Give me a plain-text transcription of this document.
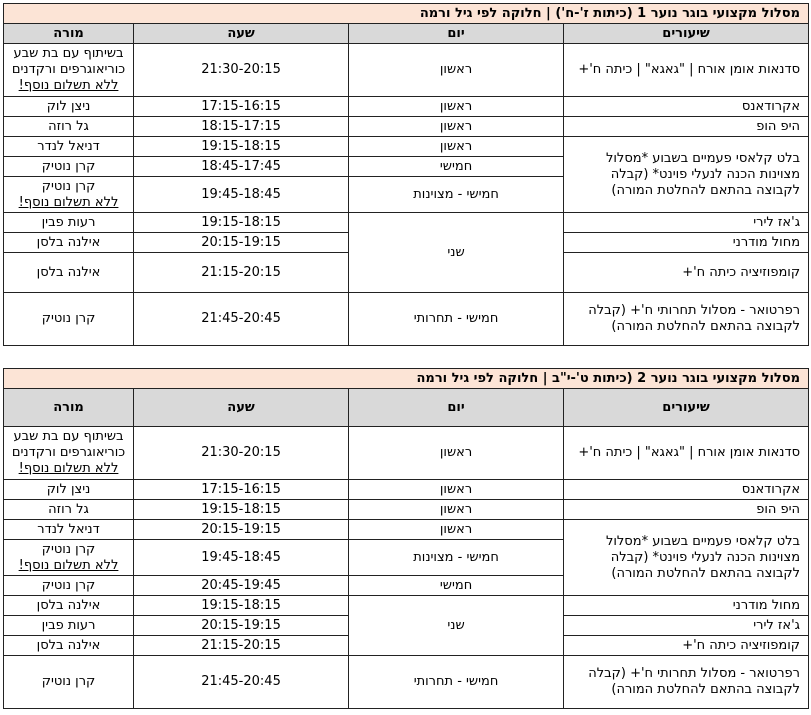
מסלול מקצועי בוגר נוער 1 (כיתות ז'-ח') | חלוקה לפי גיל ורמה			
שיעורים	יום	שעה	מורה
סדנאות אומן אורח | "גאגא" | כיתה ח'+	ראשון	21:30-20:15	בשיתוף עם בת שבע כוריאוגרפים ורקדנים
ללא תשלום נוסף!

אקרודאנס	ראשון	17:15-16:15	ניצן לוק
היפ הופ	ראשון	18:15-17:15	גל רוזה
בלט קלאסי פעמיים בשבוע *מסלול מצוינות הכנה לנעלי פוינט* (קבלה לקבוצה בהתאם להחלטת המורה)	ראשון	19:15-18:15	דניאל לנדר
	חמישי	18:45-17:45	קרן נוטיק
	חמישי - מצוינות	19:45-18:45	קרן נוטיק
ללא תשלום נוסף!

ג'אז לירי	שני	19:15-18:15	רעות פבין
מחול מודרני		20:15-19:15	אילנה בלסן
קומפוזיציה כיתה ח'+		21:15-20:15	אילנה בלסן
רפרטואר - מסלול תחרותי ח'+ (קבלה לקבוצה בהתאם להחלטת המורה)	חמישי - תחרותי	21:45-20:45	קרן נוטיק
מסלול מקצועי בוגר נוער 2 (כיתות ט'-י"ב | חלוקה לפי גיל ורמה			
שיעורים	יום	שעה	מורה
סדנאות אומן אורח | "גאגא" | כיתה ח'+	ראשון	21:30-20:15	בשיתוף עם בת שבע כוריאוגרפים ורקדנים
ללא תשלום נוסף!

אקרודאנס	ראשון	17:15-16:15	ניצן לוק
היפ הופ	ראשון	19:15-18:15	גל רוזה
בלט קלאסי פעמיים בשבוע *מסלול מצוינות הכנה לנעלי פוינט* (קבלה לקבוצה בהתאם להחלטת המורה)	ראשון	20:15-19:15	דניאל לנדר
	חמישי - מצוינות	19:45-18:45	קרן נוטיק
ללא תשלום נוסף!

	חמישי	20:45-19:45	קרן נוטיק
מחול מודרני	שני	19:15-18:15	אילנה בלסן
ג'אז לירי		20:15-19:15	רעות פבין
קומפוזיציה כיתה ח'+		21:15-20:15	אילנה בלסן
רפרטואר - מסלול תחרותי ח'+ (קבלה לקבוצה בהתאם להחלטת המורה)	חמישי - תחרותי	21:45-20:45	קרן נוטיק
